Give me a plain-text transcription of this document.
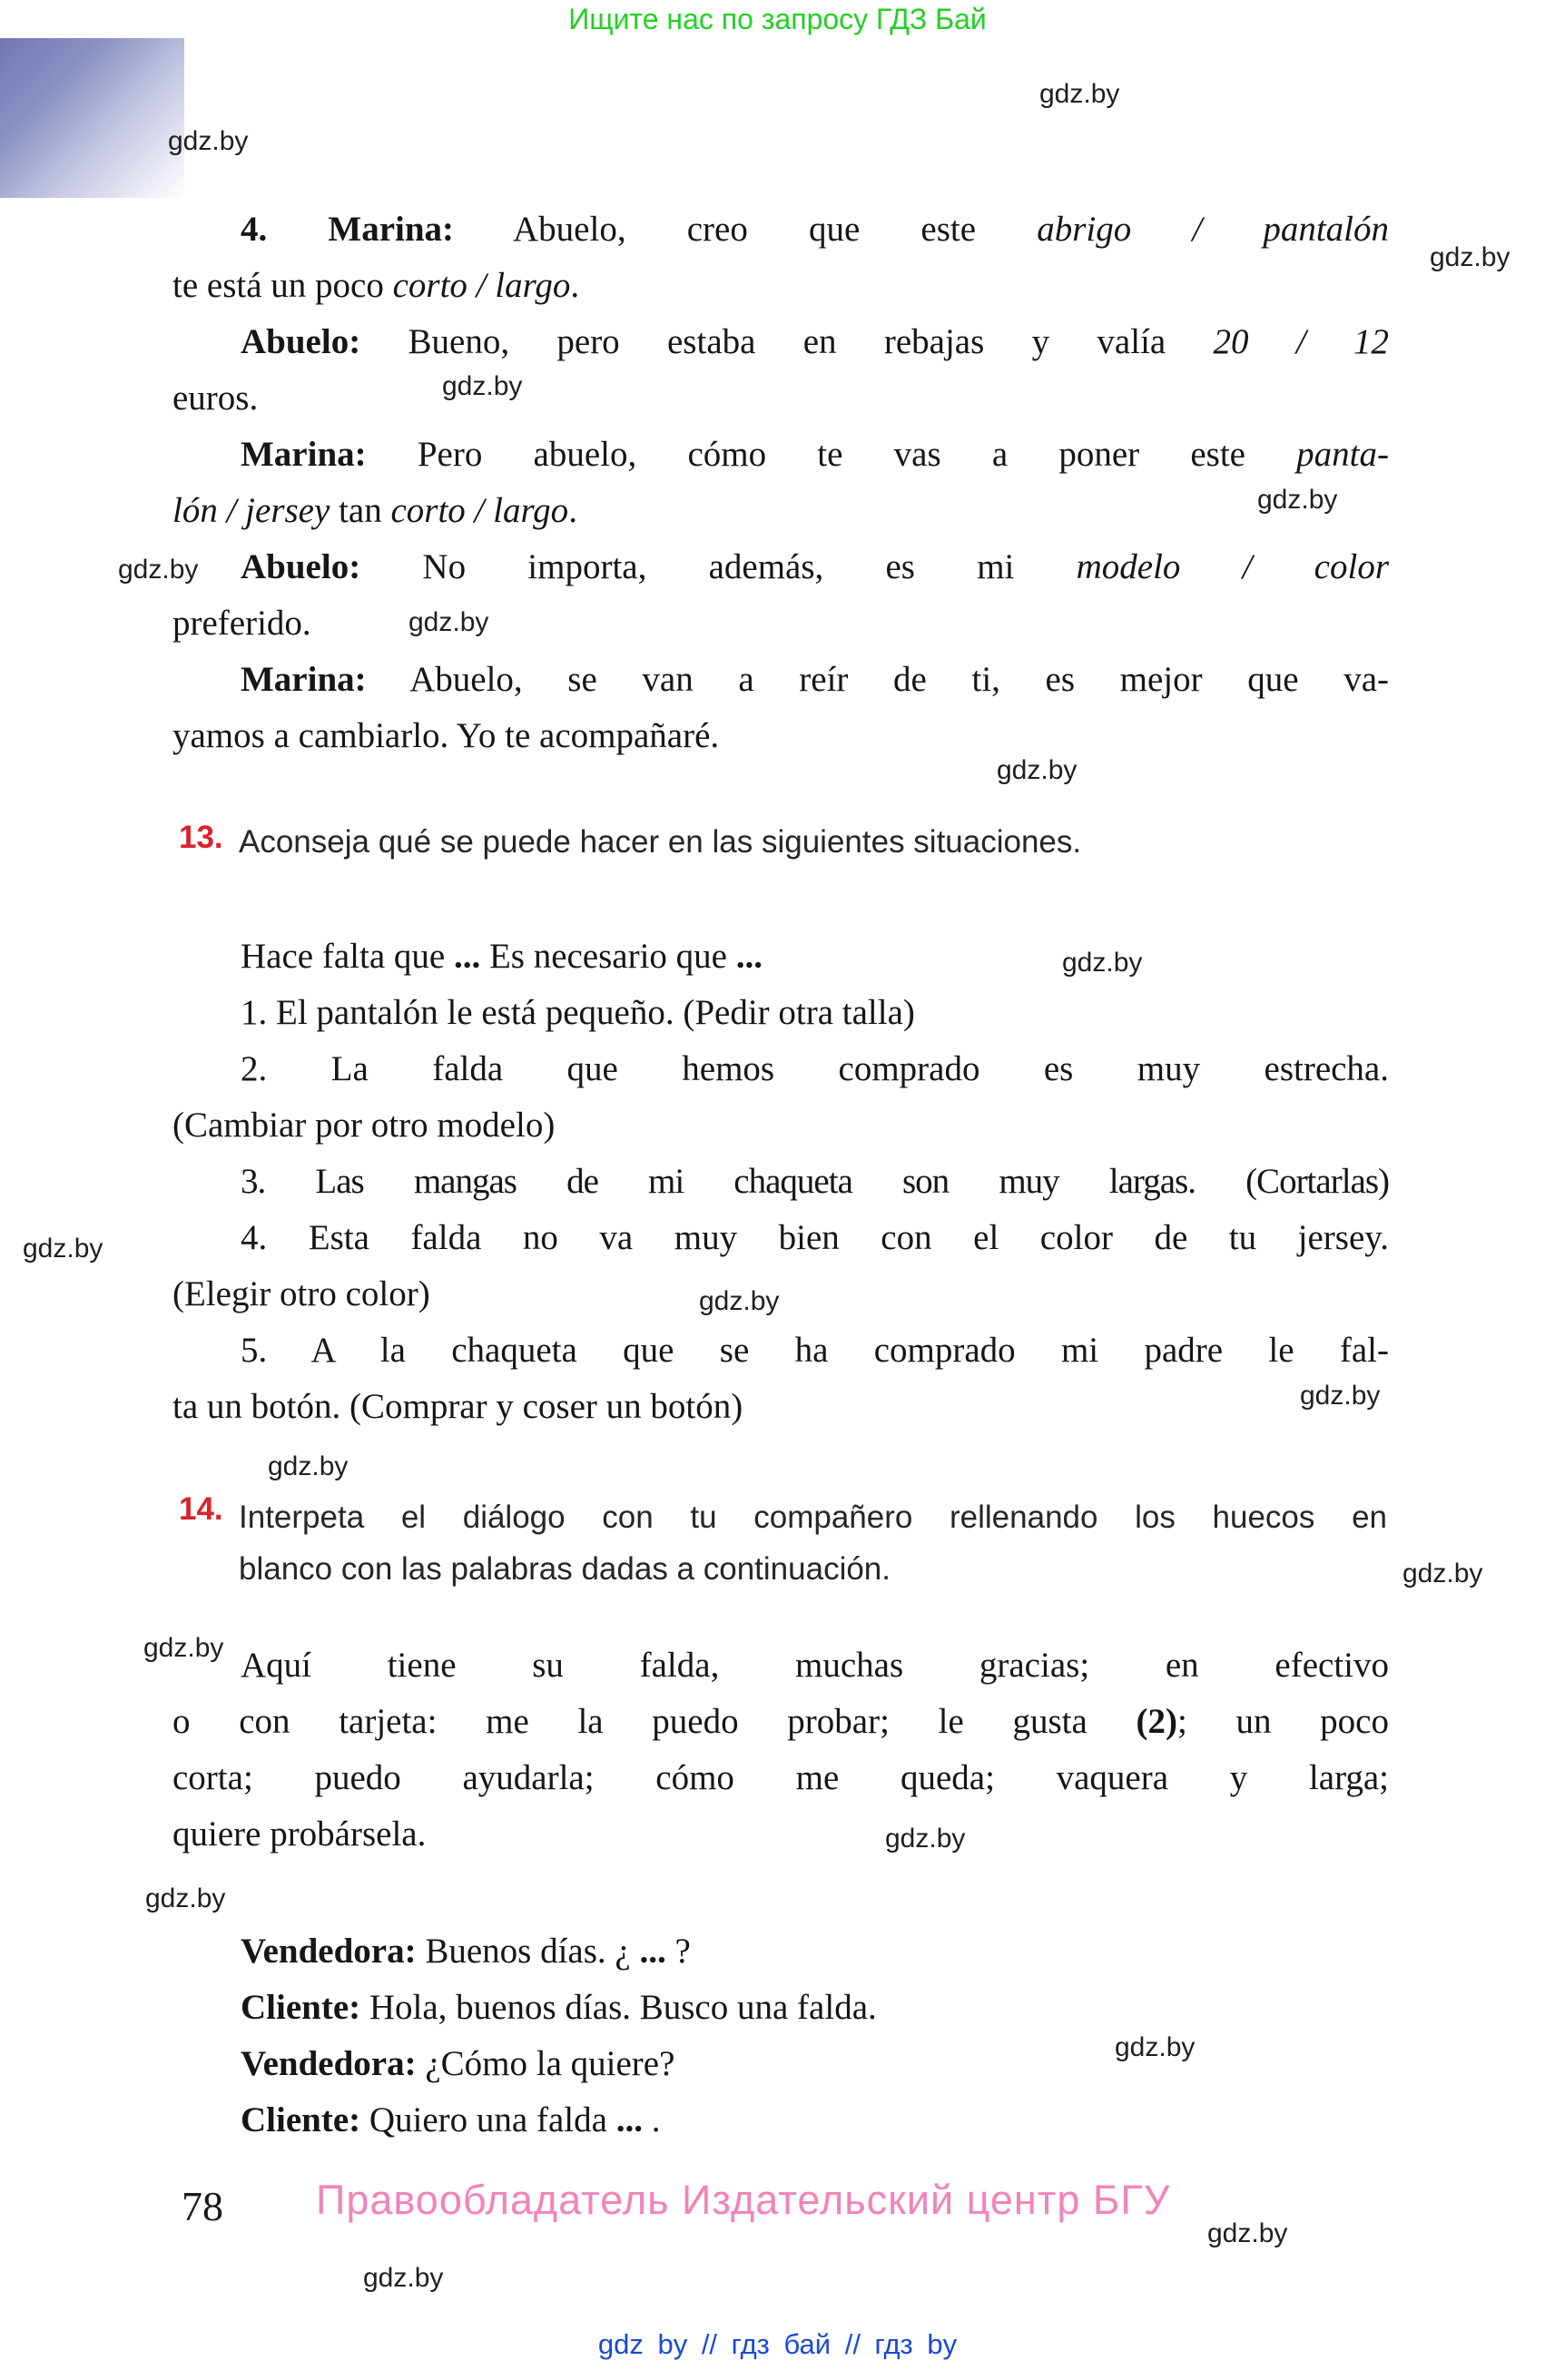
Ищите нас по запросу ГДЗ Бай
gdz.by
gdz.by
gdz.by
gdz.by
gdz.by
gdz.by
gdz.by
gdz.by
gdz.by
gdz.by
gdz.by
gdz.by
gdz.by
gdz.by
gdz.by
gdz.by
gdz.by
gdz.by
gdz.by
gdz.by
4. Marina: Abuelo, creo que este abrigo / pantalón
te está un poco corto / largo.
Abuelo: Bueno, pero estaba en rebajas y valía 20 / 12
euros.
Marina: Pero abuelo, cómo te vas a poner este panta-
lón / jersey tan corto / largo.
Abuelo: No importa, además, es mi modelo / color
preferido.
Marina: Abuelo, se van a reír de ti, es mejor que va-
yamos a cambiarlo. Yo te acompañaré.
13. Aconseja qué se puede hacer en las siguientes situaciones.
Hace falta que ... Es necesario que ...
1. El pantalón le está pequeño. (Pedir otra talla)
2. La falda que hemos comprado es muy estrecha.
(Cambiar por otro modelo)
3. Las mangas de mi chaqueta son muy largas. (Cortarlas)
4. Esta falda no va muy bien con el color de tu jersey.
(Elegir otro color)
5. A la chaqueta que se ha comprado mi padre le fal-
ta un botón. (Comprar y coser un botón)
14. Interpeta el diálogo con tu compañero rellenando los huecos en
blanco con las palabras dadas a continuación.
Aquí tiene su falda, muchas gracias; en efectivo
o con tarjeta: me la puedo probar; le gusta (2); un poco
corta; puedo ayudarla; cómo me queda; vaquera y larga;
quiere probársela.
Vendedora: Buenos días. ¿ ... ?
Cliente: Hola, buenos días. Busco una falda.
Vendedora: ¿Cómo la quiere?
Cliente: Quiero una falda ... .
78 Правообладатель Издательский центр БГУ
gdz by // гдз бай // гдз by
